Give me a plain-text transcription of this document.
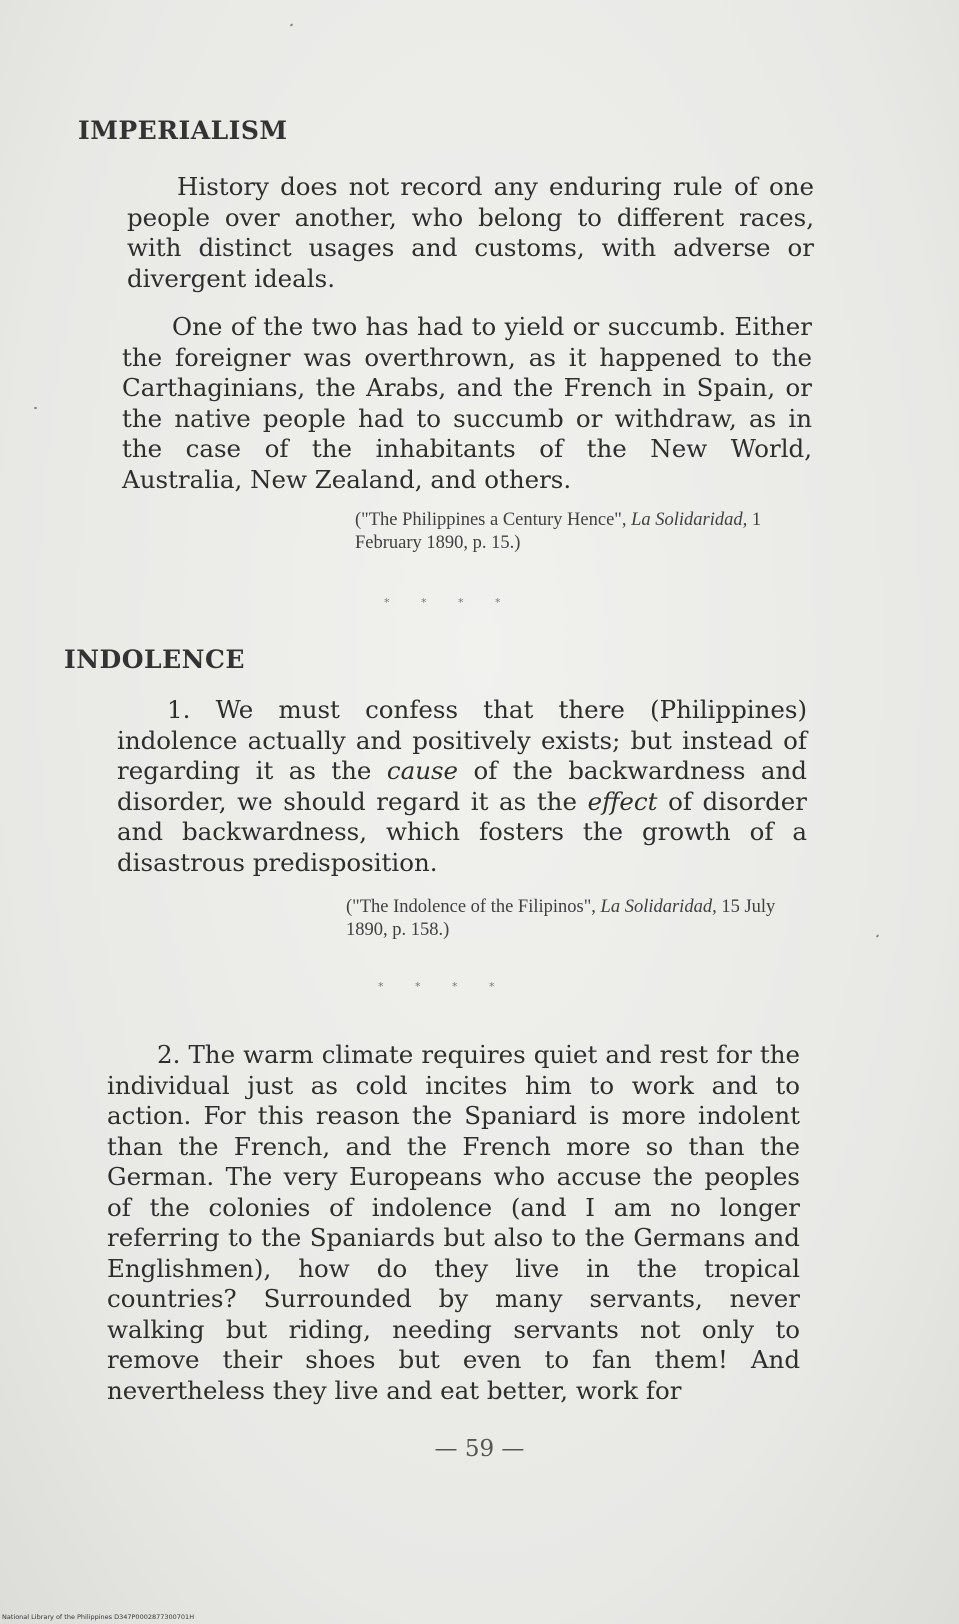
IMPERIALISM

History does not record any enduring rule of one people over another, who belong to different races, with distinct usages and customs, with adverse or divergent ideals.

One of the two has had to yield or succumb. Either the foreigner was overthrown, as it happened to the Carthaginians, the Arabs, and the French in Spain, or the native people had to succumb or withdraw, as in the case of the inhabitants of the New World, Australia, New Zealand, and others.

("The Philippines a Century Hence", La Solidaridad, 1 February 1890, p. 15.)

* * * *

INDOLENCE

1. We must confess that there (Philippines) indolence actually and positively exists; but instead of regarding it as the cause of the backwardness and disorder, we should regard it as the effect of disorder and backwardness, which fosters the growth of a disastrous predisposition.

("The Indolence of the Filipinos", La Solidaridad, 15 July 1890, p. 158.)

* * * *

2. The warm climate requires quiet and rest for the individual just as cold incites him to work and to action. For this reason the Spaniard is more indolent than the French, and the French more so than the German. The very Europeans who accuse the peoples of the colonies of indolence (and I am no longer referring to the Spaniards but also to the Germans and Englishmen), how do they live in the tropical countries? Surrounded by many servants, never walking but riding, needing servants not only to remove their shoes but even to fan them! And nevertheless they live and eat better, work for

— 59 —

National Library of the Philippines D347P0002877300701H
